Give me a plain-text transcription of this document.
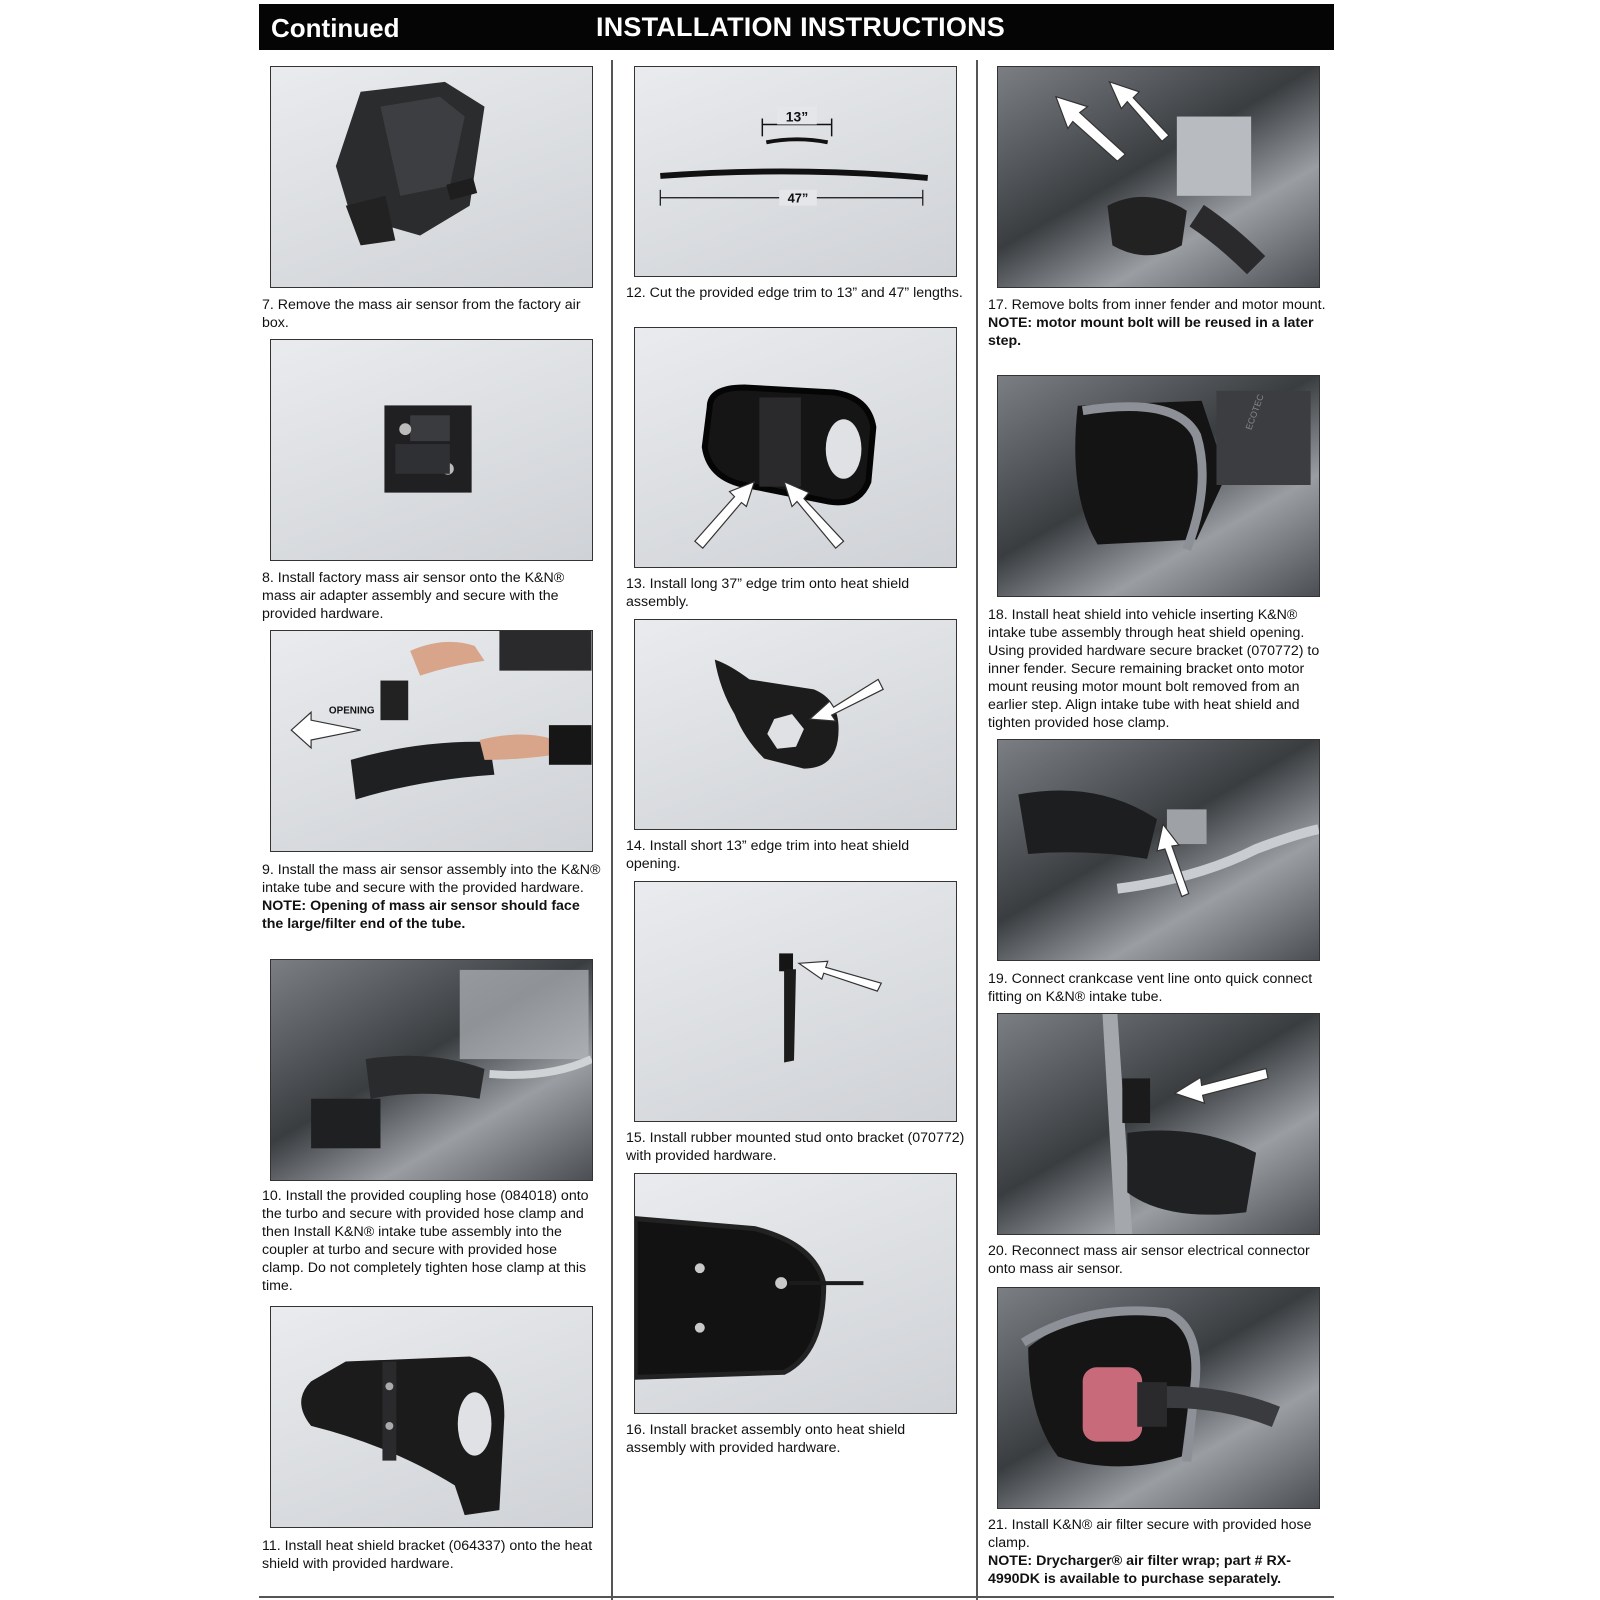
Continued	INSTALLATION INSTRUCTIONS

7. Remove the mass air sensor from the factory air box.

8. Install factory mass air sensor onto the K&N® mass air adapter assembly and secure with the provided hardware.

OPENING

9. Install the mass air sensor assembly into the K&N® intake tube and secure with the provided hardware.

NOTE: Opening of mass air sensor should face the large/filter end of the tube.

10. Install the provided coupling hose (084018) onto the turbo and secure with provided hose clamp and then Install K&N® intake tube assembly into the coupler at turbo and secure with provided hose clamp. Do not completely tighten hose clamp at this time.

11. Install heat shield bracket (064337) onto the heat shield with provided hardware.

13”
47”

12. Cut the provided edge trim to 13” and 47” lengths.

13. Install long 37” edge trim onto heat shield assembly.

14. Install short 13” edge trim into heat shield opening.

15. Install rubber mounted stud onto bracket (070772) with provided hardware.

16. Install bracket assembly onto heat shield assembly with provided hardware.

17. Remove bolts from inner fender and motor mount.

NOTE: motor mount bolt will be reused in a later step.

ECOTEC

18. Install heat shield into vehicle inserting K&N® intake tube assembly through heat shield opening. Using provided hardware secure bracket (070772) to inner fender. Secure remaining bracket onto motor mount reusing motor mount bolt removed from an earlier step. Align intake tube with heat shield and tighten provided hose clamp.

19. Connect crankcase vent line onto quick connect fitting on K&N® intake tube.

20. Reconnect mass air sensor electrical connector onto mass air sensor.

21. Install K&N® air filter secure with provided hose clamp.

NOTE: Drycharger® air filter wrap; part # RX-4990DK is available to purchase separately.
